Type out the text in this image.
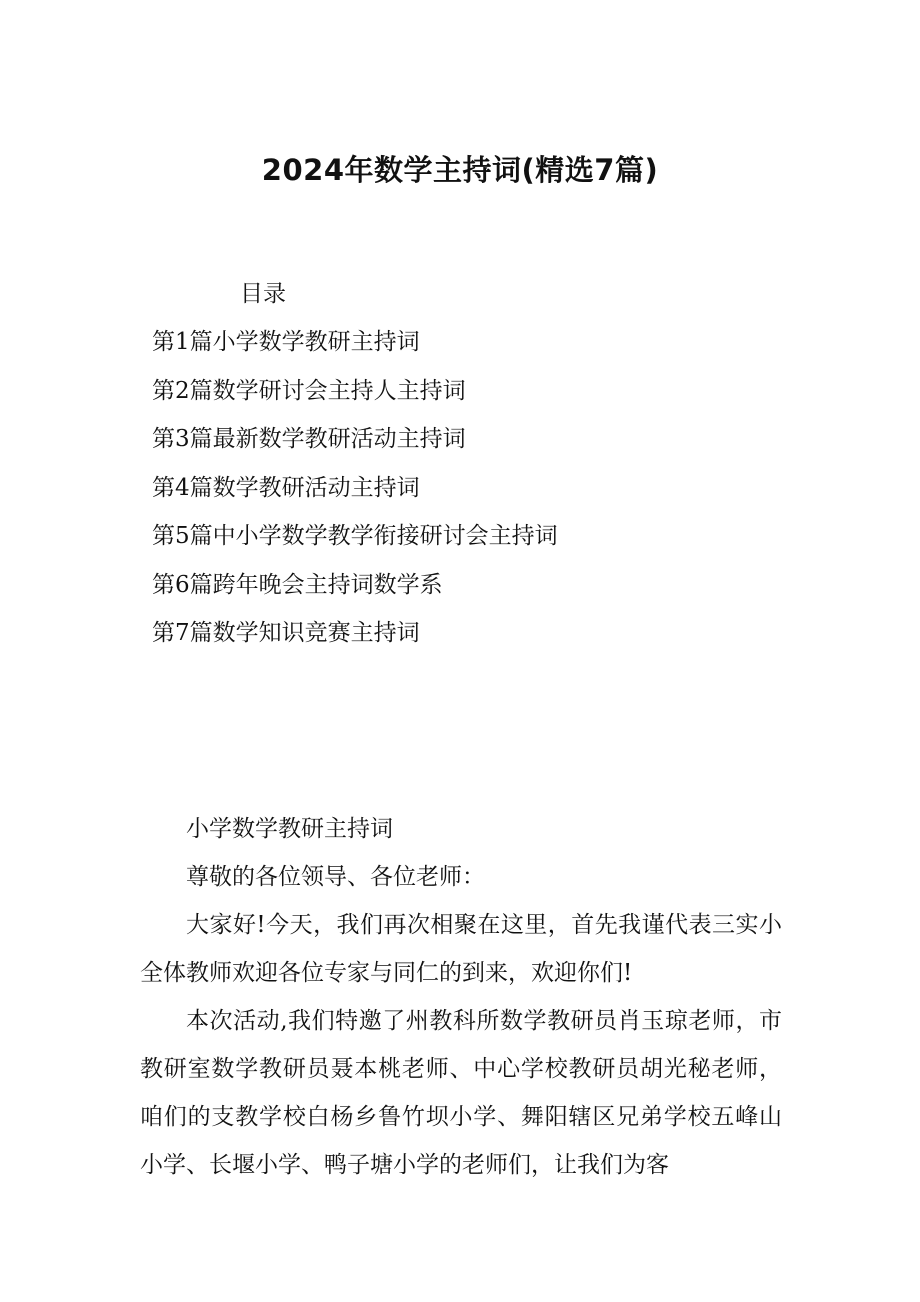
2024年数学主持词(精选7篇)
目录
第1篇小学数学教研主持词
第2篇数学研讨会主持人主持词
第3篇最新数学教研活动主持词
第4篇数学教研活动主持词
第5篇中小学数学教学衔接研讨会主持词
第6篇跨年晚会主持词数学系
第7篇数学知识竞赛主持词

小学数学教研主持词

尊敬的各位领导、各位老师：

大家好!今天，我们再次相聚在这里，首先我谨代表三实小全体教师欢迎各位专家与同仁的到来，欢迎你们!

本次活动,我们特邀了州教科所数学教研员肖玉琼老师，市教研室数学教研员聂本桃老师、中心学校教研员胡光秘老师，咱们的支教学校白杨乡鲁竹坝小学、舞阳辖区兄弟学校五峰山小学、长堰小学、鸭子塘小学的老师们，让我们为客
